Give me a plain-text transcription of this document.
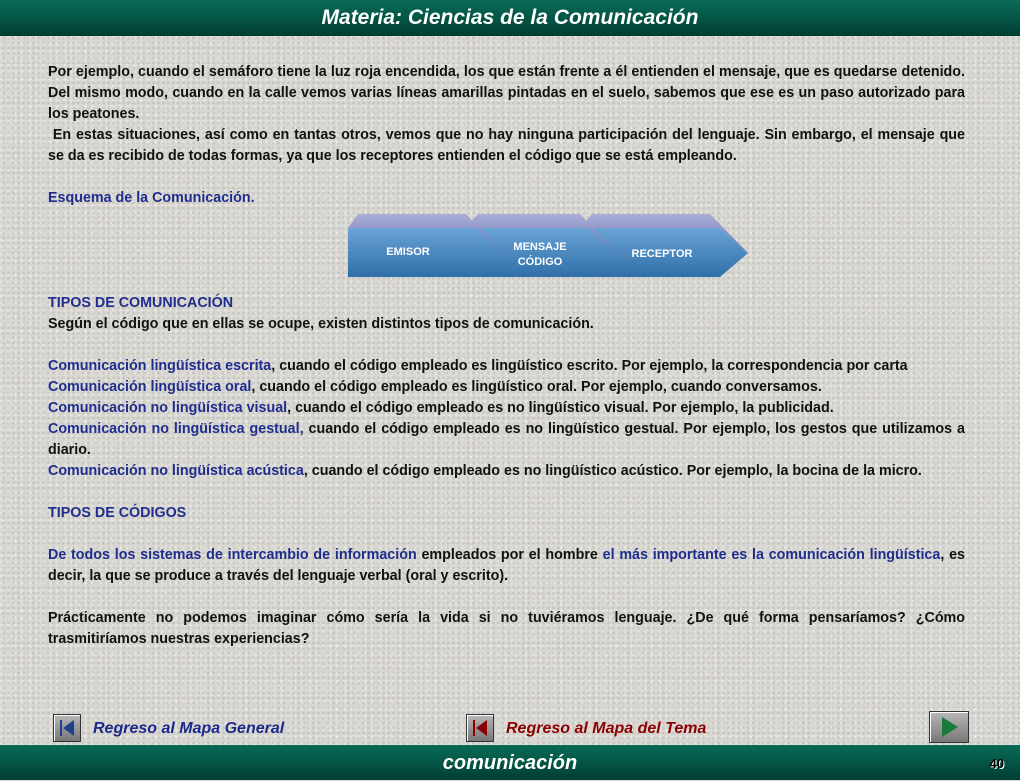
Materia: Ciencias de la Comunicación

Por ejemplo, cuando el semáforo tiene la luz roja encendida, los que están frente a él entienden el mensaje, que es quedarse detenido. Del mismo modo, cuando en la calle vemos varias líneas amarillas pintadas en el suelo, sabemos que ese es un paso autorizado para los peatones.

En estas situaciones, así como en tantas otros, vemos que no hay ninguna participación del lenguaje. Sin embargo, el mensaje que se da es recibido de todas formas, ya que los receptores entienden el código que se está empleando.

Esquema de la Comunicación.

TIPOS DE COMUNICACIÓN

Según el código que en ellas se ocupe, existen distintos tipos de comunicación.

Comunicación lingüística escrita, cuando el código empleado es lingüístico escrito. Por ejemplo, la correspondencia por carta

Comunicación lingüística oral, cuando el código empleado es lingüístico oral. Por ejemplo, cuando conversamos.

Comunicación no lingüística visual, cuando el código empleado es no lingüístico visual. Por ejemplo, la publicidad.

Comunicación no lingüística gestual, cuando el código empleado es no lingüístico gestual. Por ejemplo, los gestos que utilizamos a diario.

Comunicación no lingüística acústica, cuando el código empleado es no lingüístico acústico. Por ejemplo, la bocina de la micro.

TIPOS DE CÓDIGOS

De todos los sistemas de intercambio de información empleados por el hombre el más importante es la comunicación lingüística, es decir, la que se produce a través del lenguaje verbal (oral y escrito).

Prácticamente no podemos imaginar cómo sería la vida si no tuviéramos lenguaje. ¿De qué forma pensaríamos? ¿Cómo trasmitiríamos nuestras experiencias?

EMISOR	MENSAJE
CÓDIGO
RECEPTOR
Regreso al Mapa General	Regreso al Mapa del Tema
comunicación	40
